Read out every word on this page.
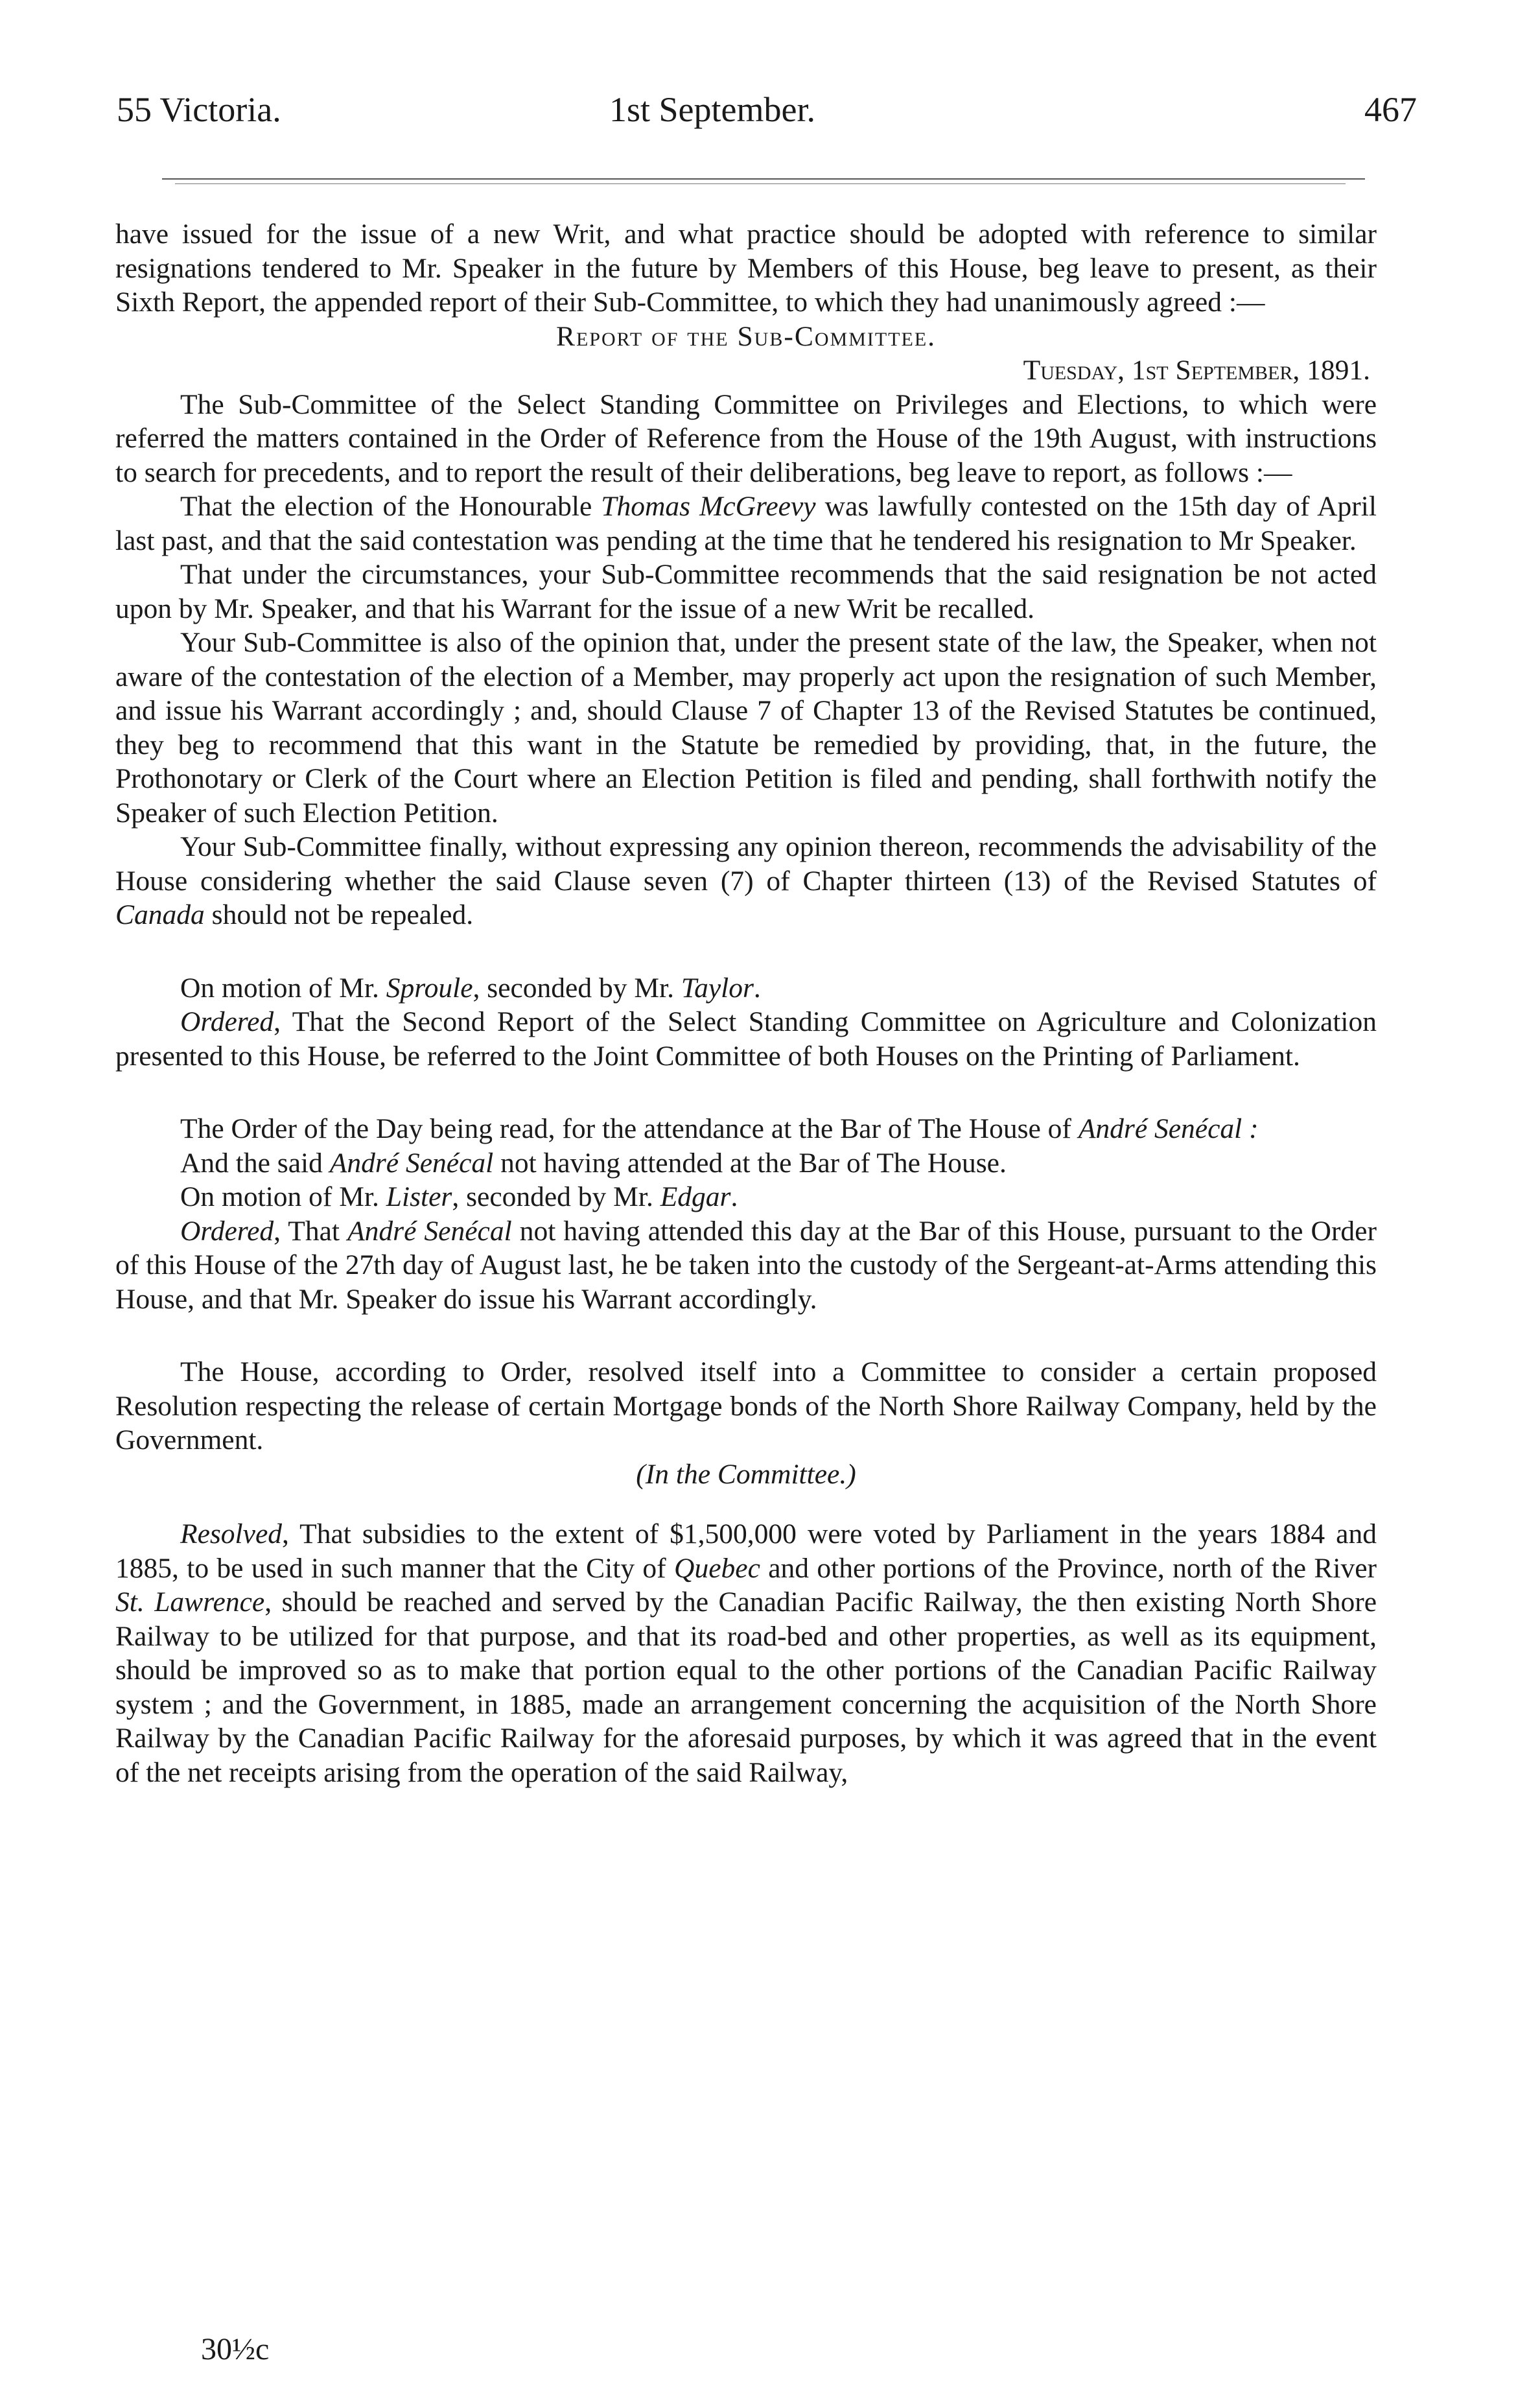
55 Victoria.	1st September.	467

have issued for the issue of a new Writ, and what practice should be adopted with reference to similar resignations tendered to Mr. Speaker in the future by Members of this House, beg leave to present, as their Sixth Report, the appended report of their Sub-Committee, to which they had unanimously agreed :—

Report of the Sub-Committee.

Tuesday, 1st September, 1891.

The Sub-Committee of the Select Standing Committee on Privileges and Elections, to which were referred the matters contained in the Order of Reference from the House of the 19th August, with instructions to search for precedents, and to report the result of their deliberations, beg leave to report, as follows :—

That the election of the Honourable Thomas McGreevy was lawfully contested on the 15th day of April last past, and that the said contestation was pending at the time that he tendered his resignation to Mr Speaker.

That under the circumstances, your Sub-Committee recommends that the said resignation be not acted upon by Mr. Speaker, and that his Warrant for the issue of a new Writ be recalled.

Your Sub-Committee is also of the opinion that, under the present state of the law, the Speaker, when not aware of the contestation of the election of a Member, may properly act upon the resignation of such Member, and issue his Warrant accordingly ; and, should Clause 7 of Chapter 13 of the Revised Statutes be continued, they beg to recommend that this want in the Statute be remedied by providing, that, in the future, the Prothonotary or Clerk of the Court where an Election Petition is filed and pending, shall forthwith notify the Speaker of such Election Petition.

Your Sub-Committee finally, without expressing any opinion thereon, recommends the advisability of the House considering whether the said Clause seven (7) of Chapter thirteen (13) of the Revised Statutes of Canada should not be repealed.

On motion of Mr. Sproule, seconded by Mr. Taylor.

Ordered, That the Second Report of the Select Standing Committee on Agriculture and Colonization presented to this House, be referred to the Joint Committee of both Houses on the Printing of Parliament.

The Order of the Day being read, for the attendance at the Bar of The House of André Senécal :

And the said André Senécal not having attended at the Bar of The House.

On motion of Mr. Lister, seconded by Mr. Edgar.

Ordered, That André Senécal not having attended this day at the Bar of this House, pursuant to the Order of this House of the 27th day of August last, he be taken into the custody of the Sergeant-at-Arms attending this House, and that Mr. Speaker do issue his Warrant accordingly.

The House, according to Order, resolved itself into a Committee to consider a certain proposed Resolution respecting the release of certain Mortgage bonds of the North Shore Railway Company, held by the Government.

(In the Committee.)

Resolved, That subsidies to the extent of $1,500,000 were voted by Parliament in the years 1884 and 1885, to be used in such manner that the City of Quebec and other portions of the Province, north of the River St. Lawrence, should be reached and served by the Canadian Pacific Railway, the then existing North Shore Railway to be utilized for that purpose, and that its road-bed and other properties, as well as its equipment, should be improved so as to make that portion equal to the other portions of the Canadian Pacific Railway system ; and the Government, in 1885, made an arrangement concerning the acquisition of the North Shore Railway by the Canadian Pacific Railway for the aforesaid purposes, by which it was agreed that in the event of the net receipts arising from the operation of the said Railway,

30½c
